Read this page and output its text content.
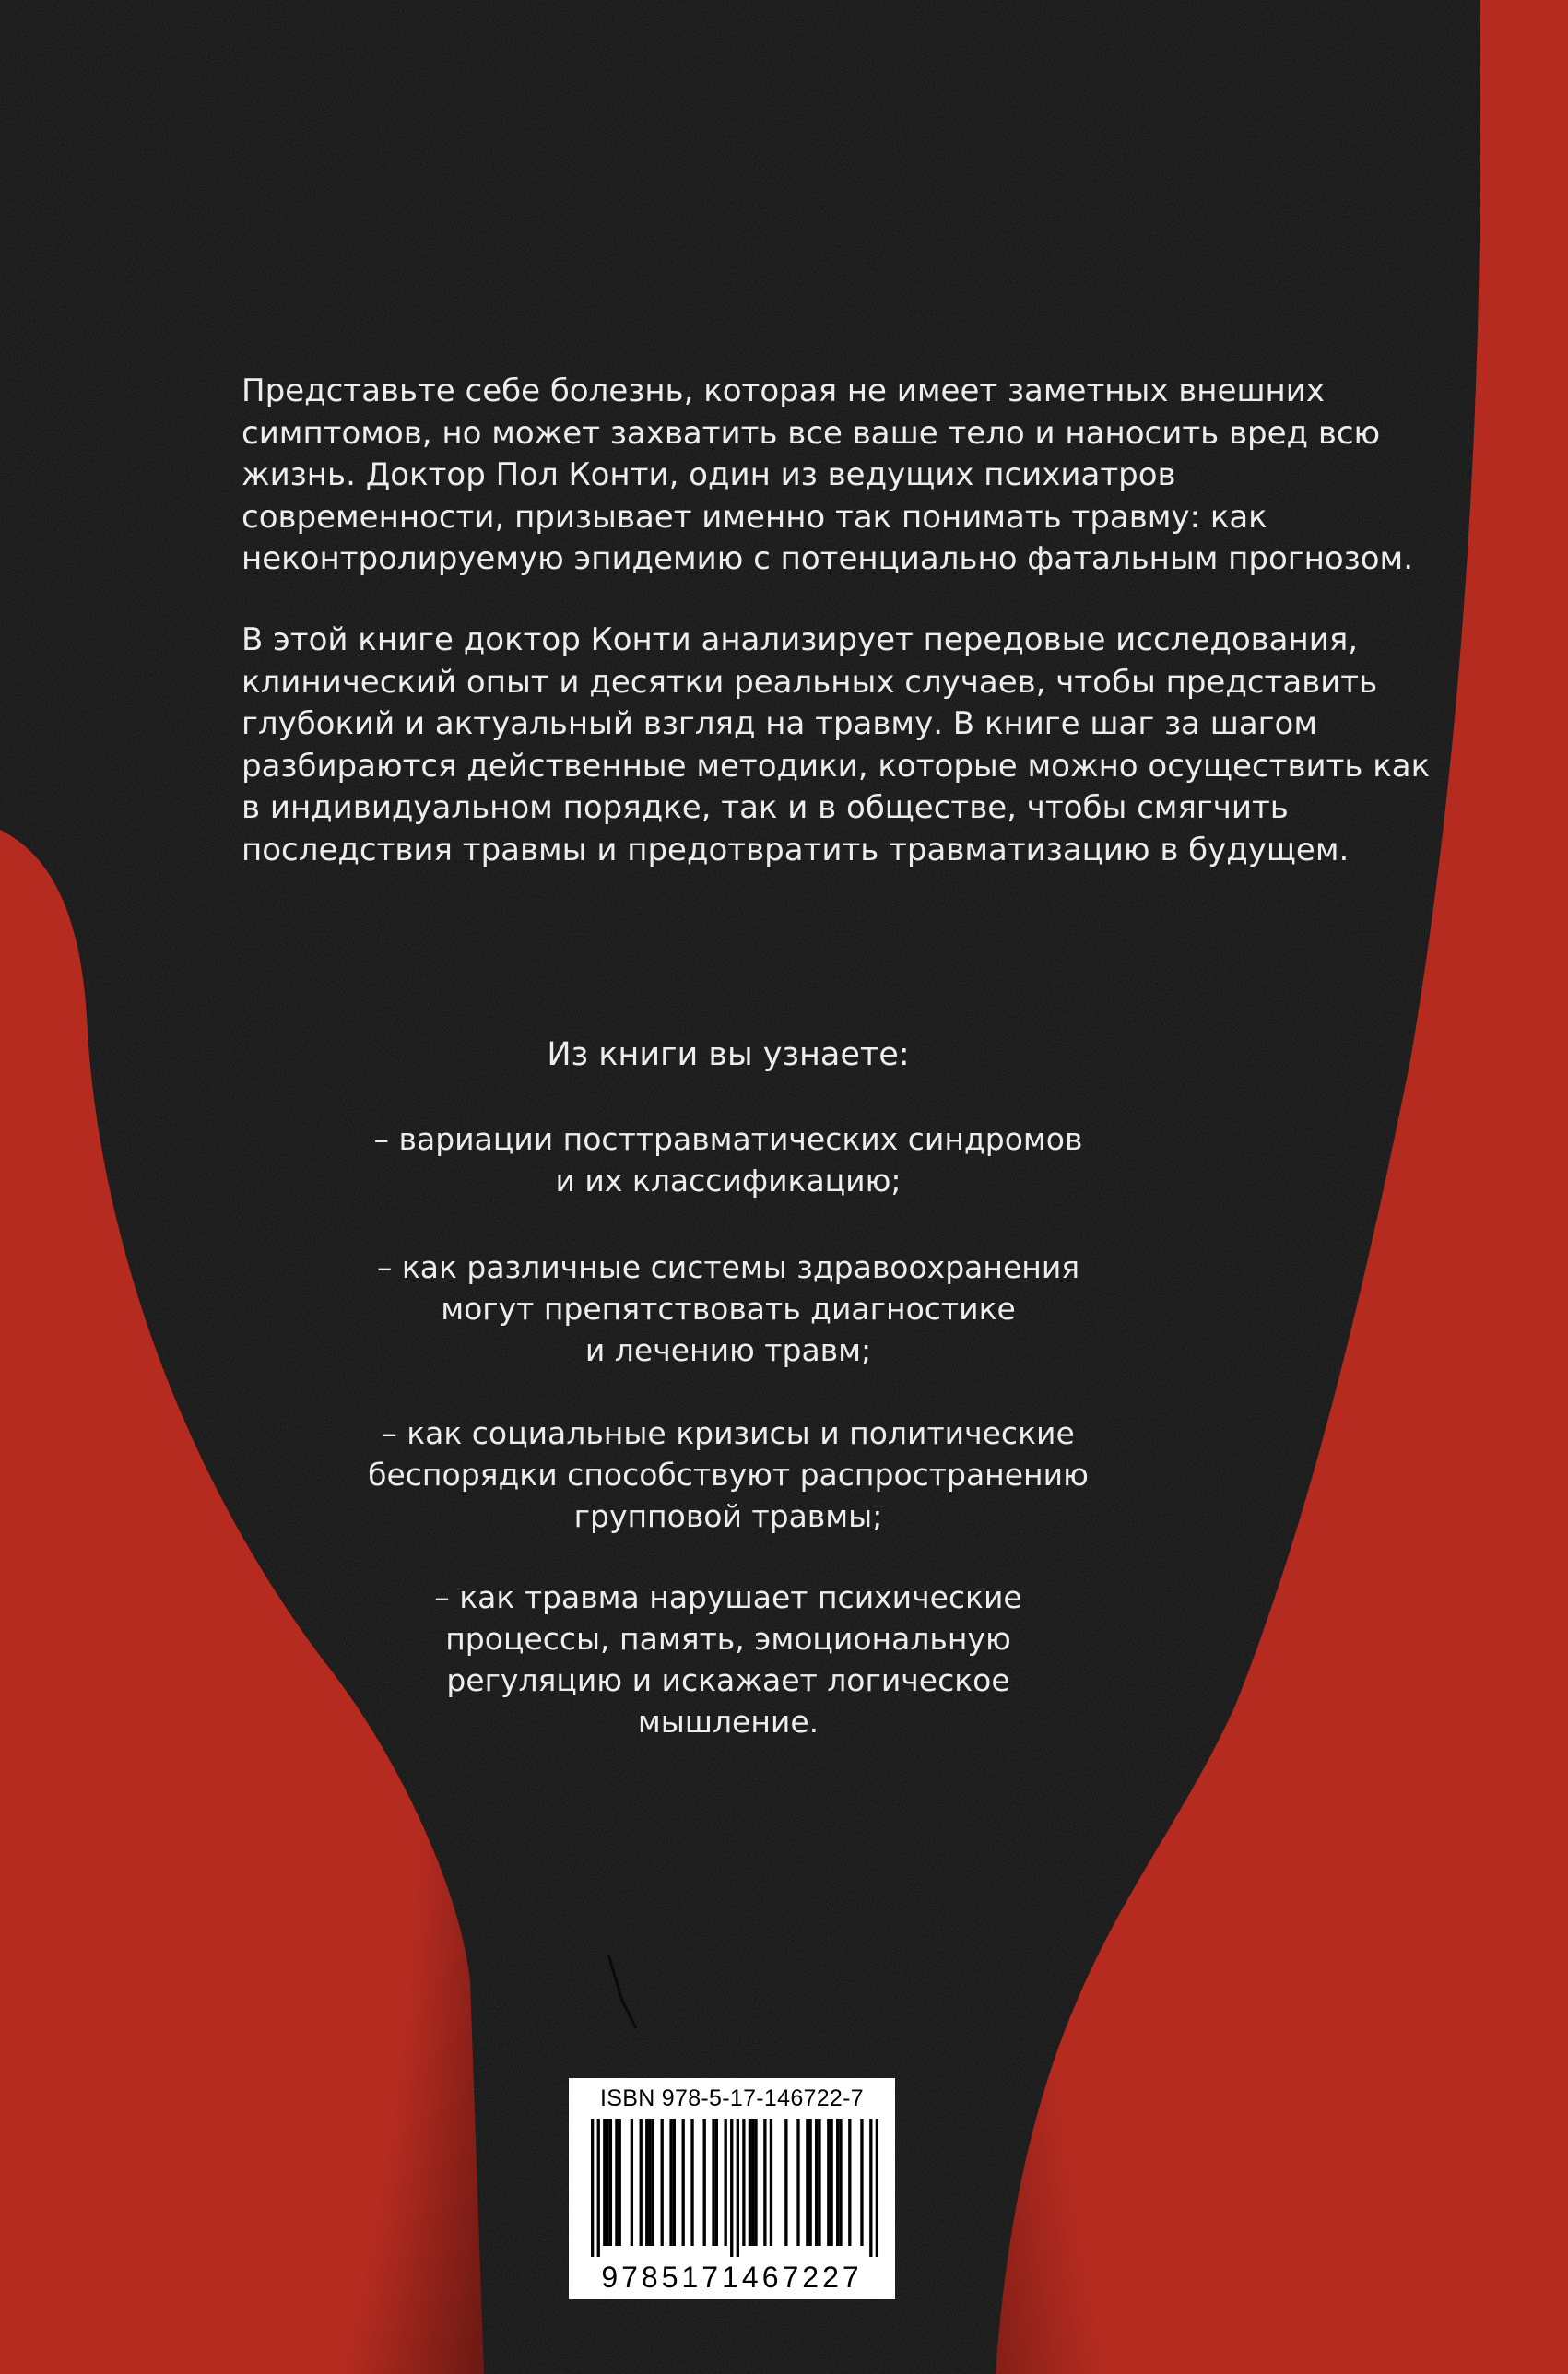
Представьте себе болезнь, которая не имеет заметных внешних
симптомов, но может захватить все ваше тело и наносить вред всю
жизнь. Доктор Пол Конти, один из ведущих психиатров
современности, призывает именно так понимать травму: как
неконтролируемую эпидемию с потенциально фатальным прогнозом.

В этой книге доктор Конти анализирует передовые исследования,
клинический опыт и десятки реальных случаев, чтобы представить
глубокий и актуальный взгляд на травму. В книге шаг за шагом
разбираются действенные методики, которые можно осуществить как
в индивидуальном порядке, так и в обществе, чтобы смягчить
последствия травмы и предотвратить травматизацию в будущем.

Из книги вы узнаете:
– вариации посттравматических синдромов
и их классификацию;
– как различные системы здравоохранения
могут препятствовать диагностике
и лечению травм;
– как социальные кризисы и политические
беспорядки способствуют распространению
групповой травмы;
– как травма нарушает психические
процессы, память, эмоциональную
регуляцию и искажает логическое
мышление.
ISBN 978-5-17-146722-7
9785171467227
